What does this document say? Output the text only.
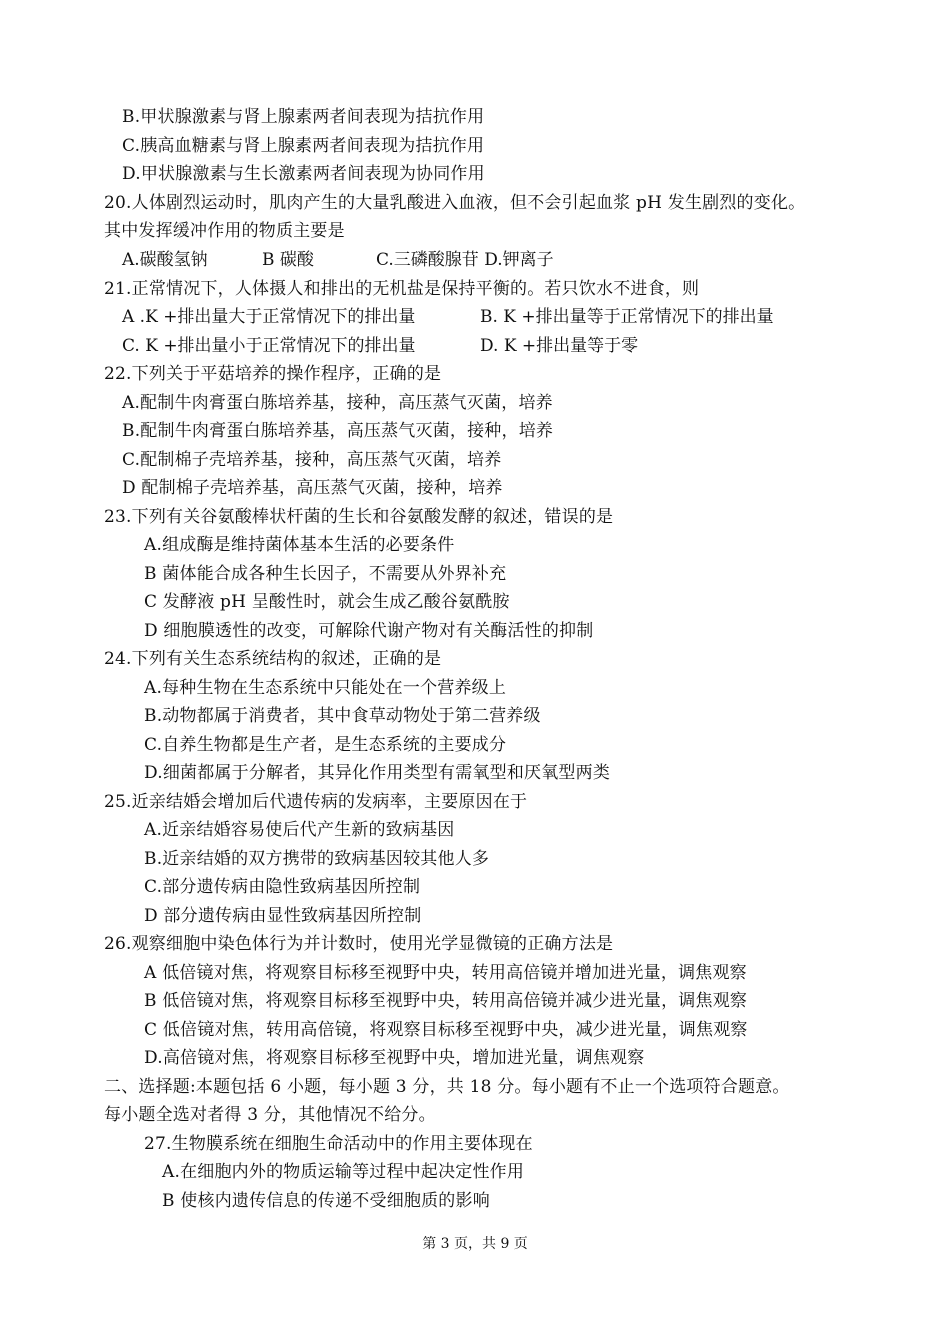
B.甲状腺激素与肾上腺素两者间表现为拮抗作用
C.胰高血糖素与肾上腺素两者间表现为拮抗作用
D.甲状腺激素与生长激素两者间表现为协同作用
20.人体剧烈运动时，肌肉产生的大量乳酸进入血液，但不会引起血浆 pH 发生剧烈的变化。
其中发挥缓冲作用的物质主要是
A.碳酸氢钠	B 碳酸	C.三磷酸腺苷 D.钾离子
21.正常情况下，人体摄人和排出的无机盐是保持平衡的。若只饮水不进食，则
A .K +排出量大于正常情况下的排出量	B. K +排出量等于正常情况下的排出量
C. K +排出量小于正常情况下的排出量	D. K +排出量等于零
22.下列关于平菇培养的操作程序，正确的是
A.配制牛肉膏蛋白胨培养基，接种，高压蒸气灭菌，培养
B.配制牛肉膏蛋白胨培养基，高压蒸气灭菌，接种，培养
C.配制棉子壳培养基，接种，高压蒸气灭菌，培养
D 配制棉子壳培养基，高压蒸气灭菌，接种，培养
23.下列有关谷氨酸棒状杆菌的生长和谷氨酸发酵的叙述，错误的是
A.组成酶是维持菌体基本生活的必要条件
B 菌体能合成各种生长因子，不需要从外界补充
C 发酵液 pH 呈酸性时，就会生成乙酸谷氨酰胺
D 细胞膜透性的改变，可解除代谢产物对有关酶活性的抑制
24.下列有关生态系统结构的叙述，正确的是
A.每种生物在生态系统中只能处在一个营养级上
B.动物都属于消费者，其中食草动物处于第二营养级
C.自养生物都是生产者，是生态系统的主要成分
D.细菌都属于分解者，其异化作用类型有需氧型和厌氧型两类
25.近亲结婚会增加后代遗传病的发病率，主要原因在于
A.近亲结婚容易使后代产生新的致病基因
B.近亲结婚的双方携带的致病基因较其他人多
C.部分遗传病由隐性致病基因所控制
D 部分遗传病由显性致病基因所控制
26.观察细胞中染色体行为并计数时，使用光学显微镜的正确方法是
A 低倍镜对焦，将观察目标移至视野中央，转用高倍镜并增加进光量，调焦观察
B 低倍镜对焦，将观察目标移至视野中央，转用高倍镜并减少进光量，调焦观察
C 低倍镜对焦，转用高倍镜，将观察目标移至视野中央，减少进光量，调焦观察
D.高倍镜对焦，将观察目标移至视野中央，增加进光量，调焦观察
二、选择题:本题包括 6 小题，每小题 3 分，共 18 分。每小题有不止一个选项符合题意。
每小题全选对者得 3 分，其他情况不给分。
27.生物膜系统在细胞生命活动中的作用主要体现在
A.在细胞内外的物质运输等过程中起决定性作用
B 使核内遗传信息的传递不受细胞质的影响
第 3 页，共 9 页
